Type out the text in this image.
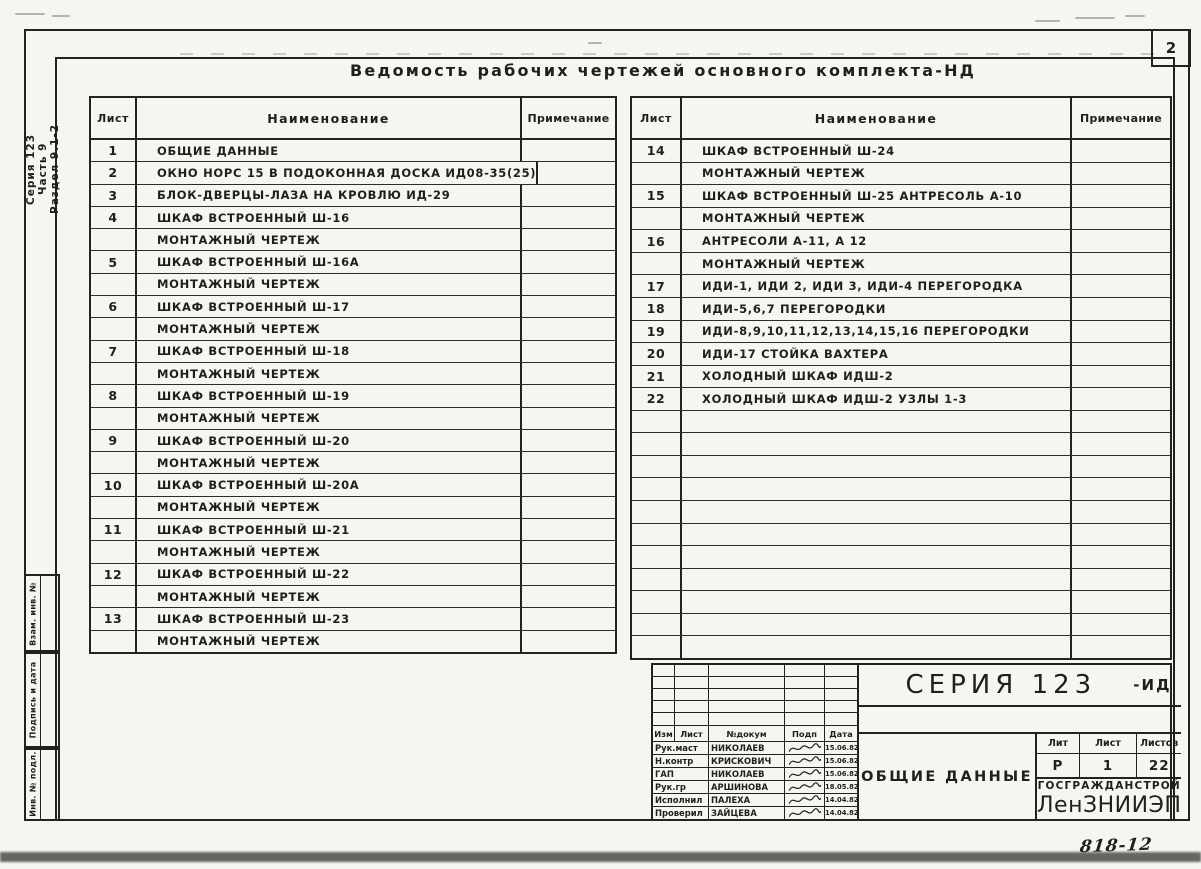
2
Ведомость рабочих чертежей основного комплекта-НД
Серия 123 Часть 9 Раздел 9.1-2
Взам. инв. №
Подпись и дата
Инв. № подл.
Лист	Наименование	Примечание
1	ОБЩИЕ ДАННЫЕ
2	ОКНО НОРС 15 В ПОДОКОННАЯ ДОСКА ИД08-35(25)
3	БЛОК-ДВЕРЦЫ-ЛАЗА НА КРОВЛЮ ИД-29
4	ШКАФ ВСТРОЕННЫЙ Ш-16
МОНТАЖНЫЙ ЧЕРТЕЖ
5	ШКАФ ВСТРОЕННЫЙ Ш-16А
МОНТАЖНЫЙ ЧЕРТЕЖ
6	ШКАФ ВСТРОЕННЫЙ Ш-17
МОНТАЖНЫЙ ЧЕРТЕЖ
7	ШКАФ ВСТРОЕННЫЙ Ш-18
МОНТАЖНЫЙ ЧЕРТЕЖ
8	ШКАФ ВСТРОЕННЫЙ Ш-19
МОНТАЖНЫЙ ЧЕРТЕЖ
9	ШКАФ ВСТРОЕННЫЙ Ш-20
МОНТАЖНЫЙ ЧЕРТЕЖ
10	ШКАФ ВСТРОЕННЫЙ Ш-20А
МОНТАЖНЫЙ ЧЕРТЕЖ
11	ШКАФ ВСТРОЕННЫЙ Ш-21
МОНТАЖНЫЙ ЧЕРТЕЖ
12	ШКАФ ВСТРОЕННЫЙ Ш-22
МОНТАЖНЫЙ ЧЕРТЕЖ
13	ШКАФ ВСТРОЕННЫЙ Ш-23
МОНТАЖНЫЙ ЧЕРТЕЖ
Лист	Наименование	Примечание
14	ШКАФ ВСТРОЕННЫЙ Ш-24
МОНТАЖНЫЙ ЧЕРТЕЖ
15	ШКАФ ВСТРОЕННЫЙ Ш-25 АНТРЕСОЛЬ А-10
МОНТАЖНЫЙ ЧЕРТЕЖ
16	АНТРЕСОЛИ А-11, А 12
МОНТАЖНЫЙ ЧЕРТЕЖ
17	ИДИ-1, ИДИ 2, ИДИ 3, ИДИ-4 ПЕРЕГОРОДКА
18	ИДИ-5,6,7 ПЕРЕГОРОДКИ
19	ИДИ-8,9,10,11,12,13,14,15,16 ПЕРЕГОРОДКИ
20	ИДИ-17 СТОЙКА ВАХТЕРА
21	ХОЛОДНЫЙ ШКАФ ИДШ-2
22	ХОЛОДНЫЙ ШКАФ ИДШ-2 УЗЛЫ 1-3
Изм Лист	№докум	Подп	Дата
Рук.маст	НИКОЛАЕВ	15.06.82
Н.контр	КРИСКОВИЧ	15.06.82
ГАП	НИКОЛАЕВ	15.06.82
Рук.гр	АРШИНОВА	18.05.82
Исполнил	ПАЛЕХА	14.04.82
Проверил ЗАЙЦЕВА	14.04.82
СЕРИЯ 123 -ИД
ОБЩИЕ ДАННЫЕ
Лит	Лист	Листов
Р	1	22
ГОСГРАЖДАНСТРОЙ
ЛенЗНИИЭП
818-12
